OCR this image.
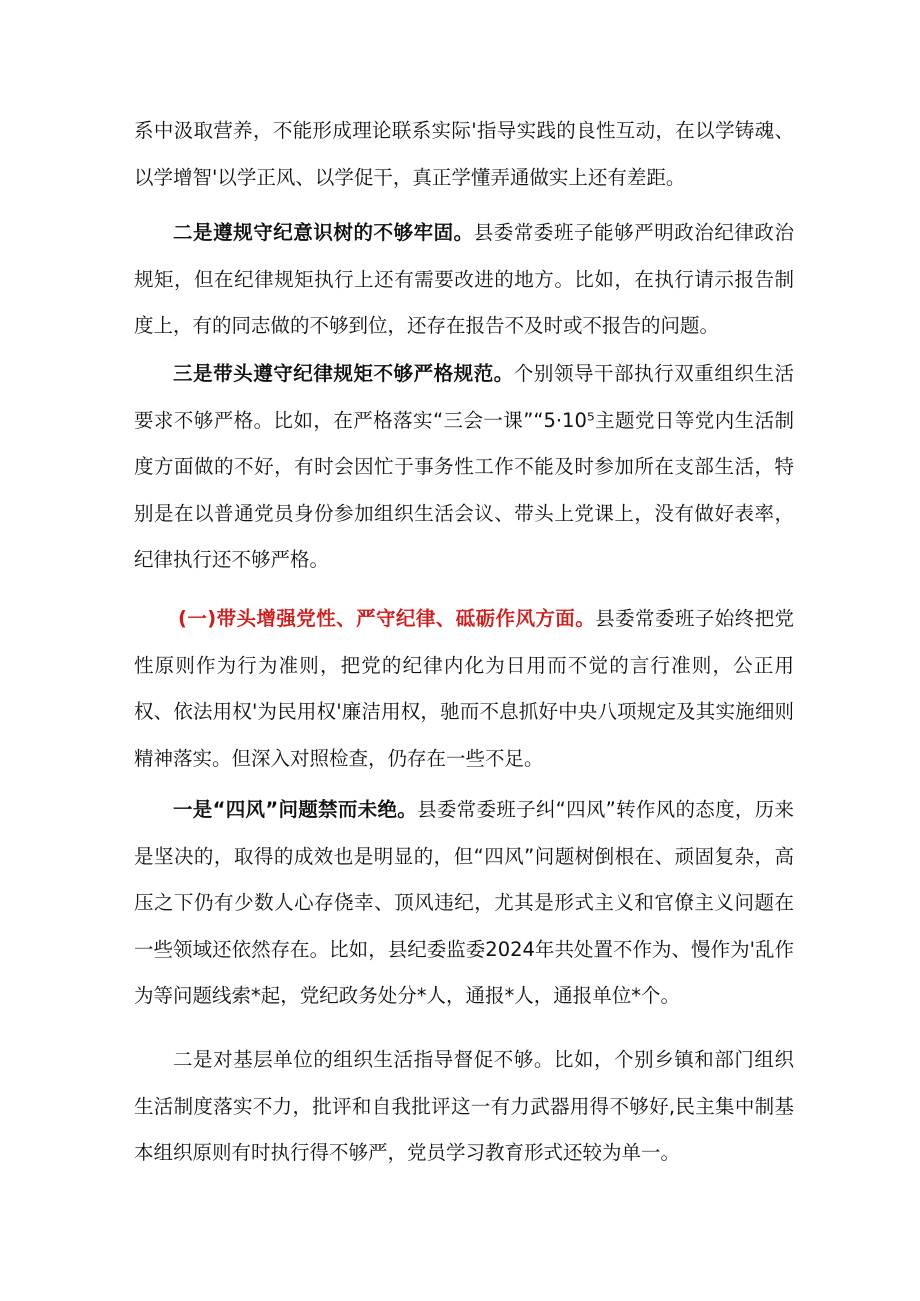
系中汲取营养，不能形成理论联系实际'指导实践的良性互动，在以学铸魂、以学增智'以学正风、以学促干，真正学懂弄通做实上还有差距。

二是遵规守纪意识树的不够牢固。县委常委班子能够严明政治纪律政治规矩，但在纪律规矩执行上还有需要改进的地方。比如，在执行请示报告制度上，有的同志做的不够到位，还存在报告不及时或不报告的问题。

三是带头遵守纪律规矩不够严格规范。个别领导干部执行双重组织生活要求不够严格。比如，在严格落实“三会一课”“5·10⁵主题党日等党内生活制度方面做的不好，有时会因忙于事务性工作不能及时参加所在支部生活，特别是在以普通党员身份参加组织生活会议、带头上党课上，没有做好表率，纪律执行还不够严格。

(一)带头增强党性、严守纪律、砥砺作风方面。县委常委班子始终把党性原则作为行为准则，把党的纪律内化为日用而不觉的言行准则，公正用权、依法用权'为民用权'廉洁用权，驰而不息抓好中央八项规定及其实施细则精神落实。但深入对照检查，仍存在一些不足。

一是“四风”问题禁而未绝。县委常委班子纠“四风”转作风的态度，历来是坚决的，取得的成效也是明显的，但“四风”问题树倒根在、顽固复杂，高压之下仍有少数人心存侥幸、顶风违纪，尤其是形式主义和官僚主义问题在一些领域还依然存在。比如，县纪委监委2024年共处置不作为、慢作为'乱作为等问题线索*起，党纪政务处分*人，通报*人，通报单位*个。

二是对基层单位的组织生活指导督促不够。比如，个别乡镇和部门组织生活制度落实不力，批评和自我批评这一有力武器用得不够好,民主集中制基本组织原则有时执行得不够严，党员学习教育形式还较为单一。
